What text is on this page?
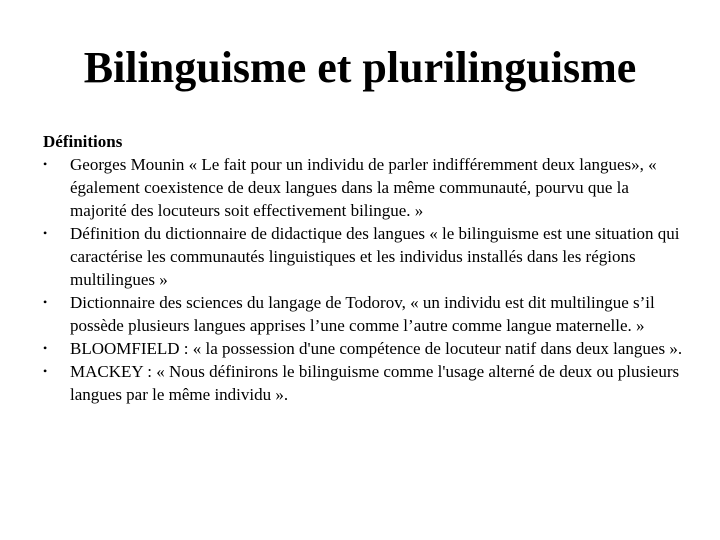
Bilinguisme et plurilinguisme

Définitions

•	Georges Mounin « Le fait pour un individu de parler indifféremment deux langues», « également coexistence de deux langues dans la même communauté, pourvu que la majorité des locuteurs soit effectivement bilingue. »
•	Définition du dictionnaire de didactique des langues « le bilinguisme est une situation qui caractérise les communautés linguistiques et les individus installés dans les régions multilingues »
•	Dictionnaire des sciences du langage de Todorov, « un individu est dit multilingue s’il possède plusieurs langues apprises l’une comme l’autre comme langue maternelle. »
•	BLOOMFIELD : « la possession d'une compétence de locuteur natif dans deux langues ».
•	MACKEY : « Nous définirons le bilinguisme comme l'usage alterné de deux ou plusieurs langues par le même individu ».
